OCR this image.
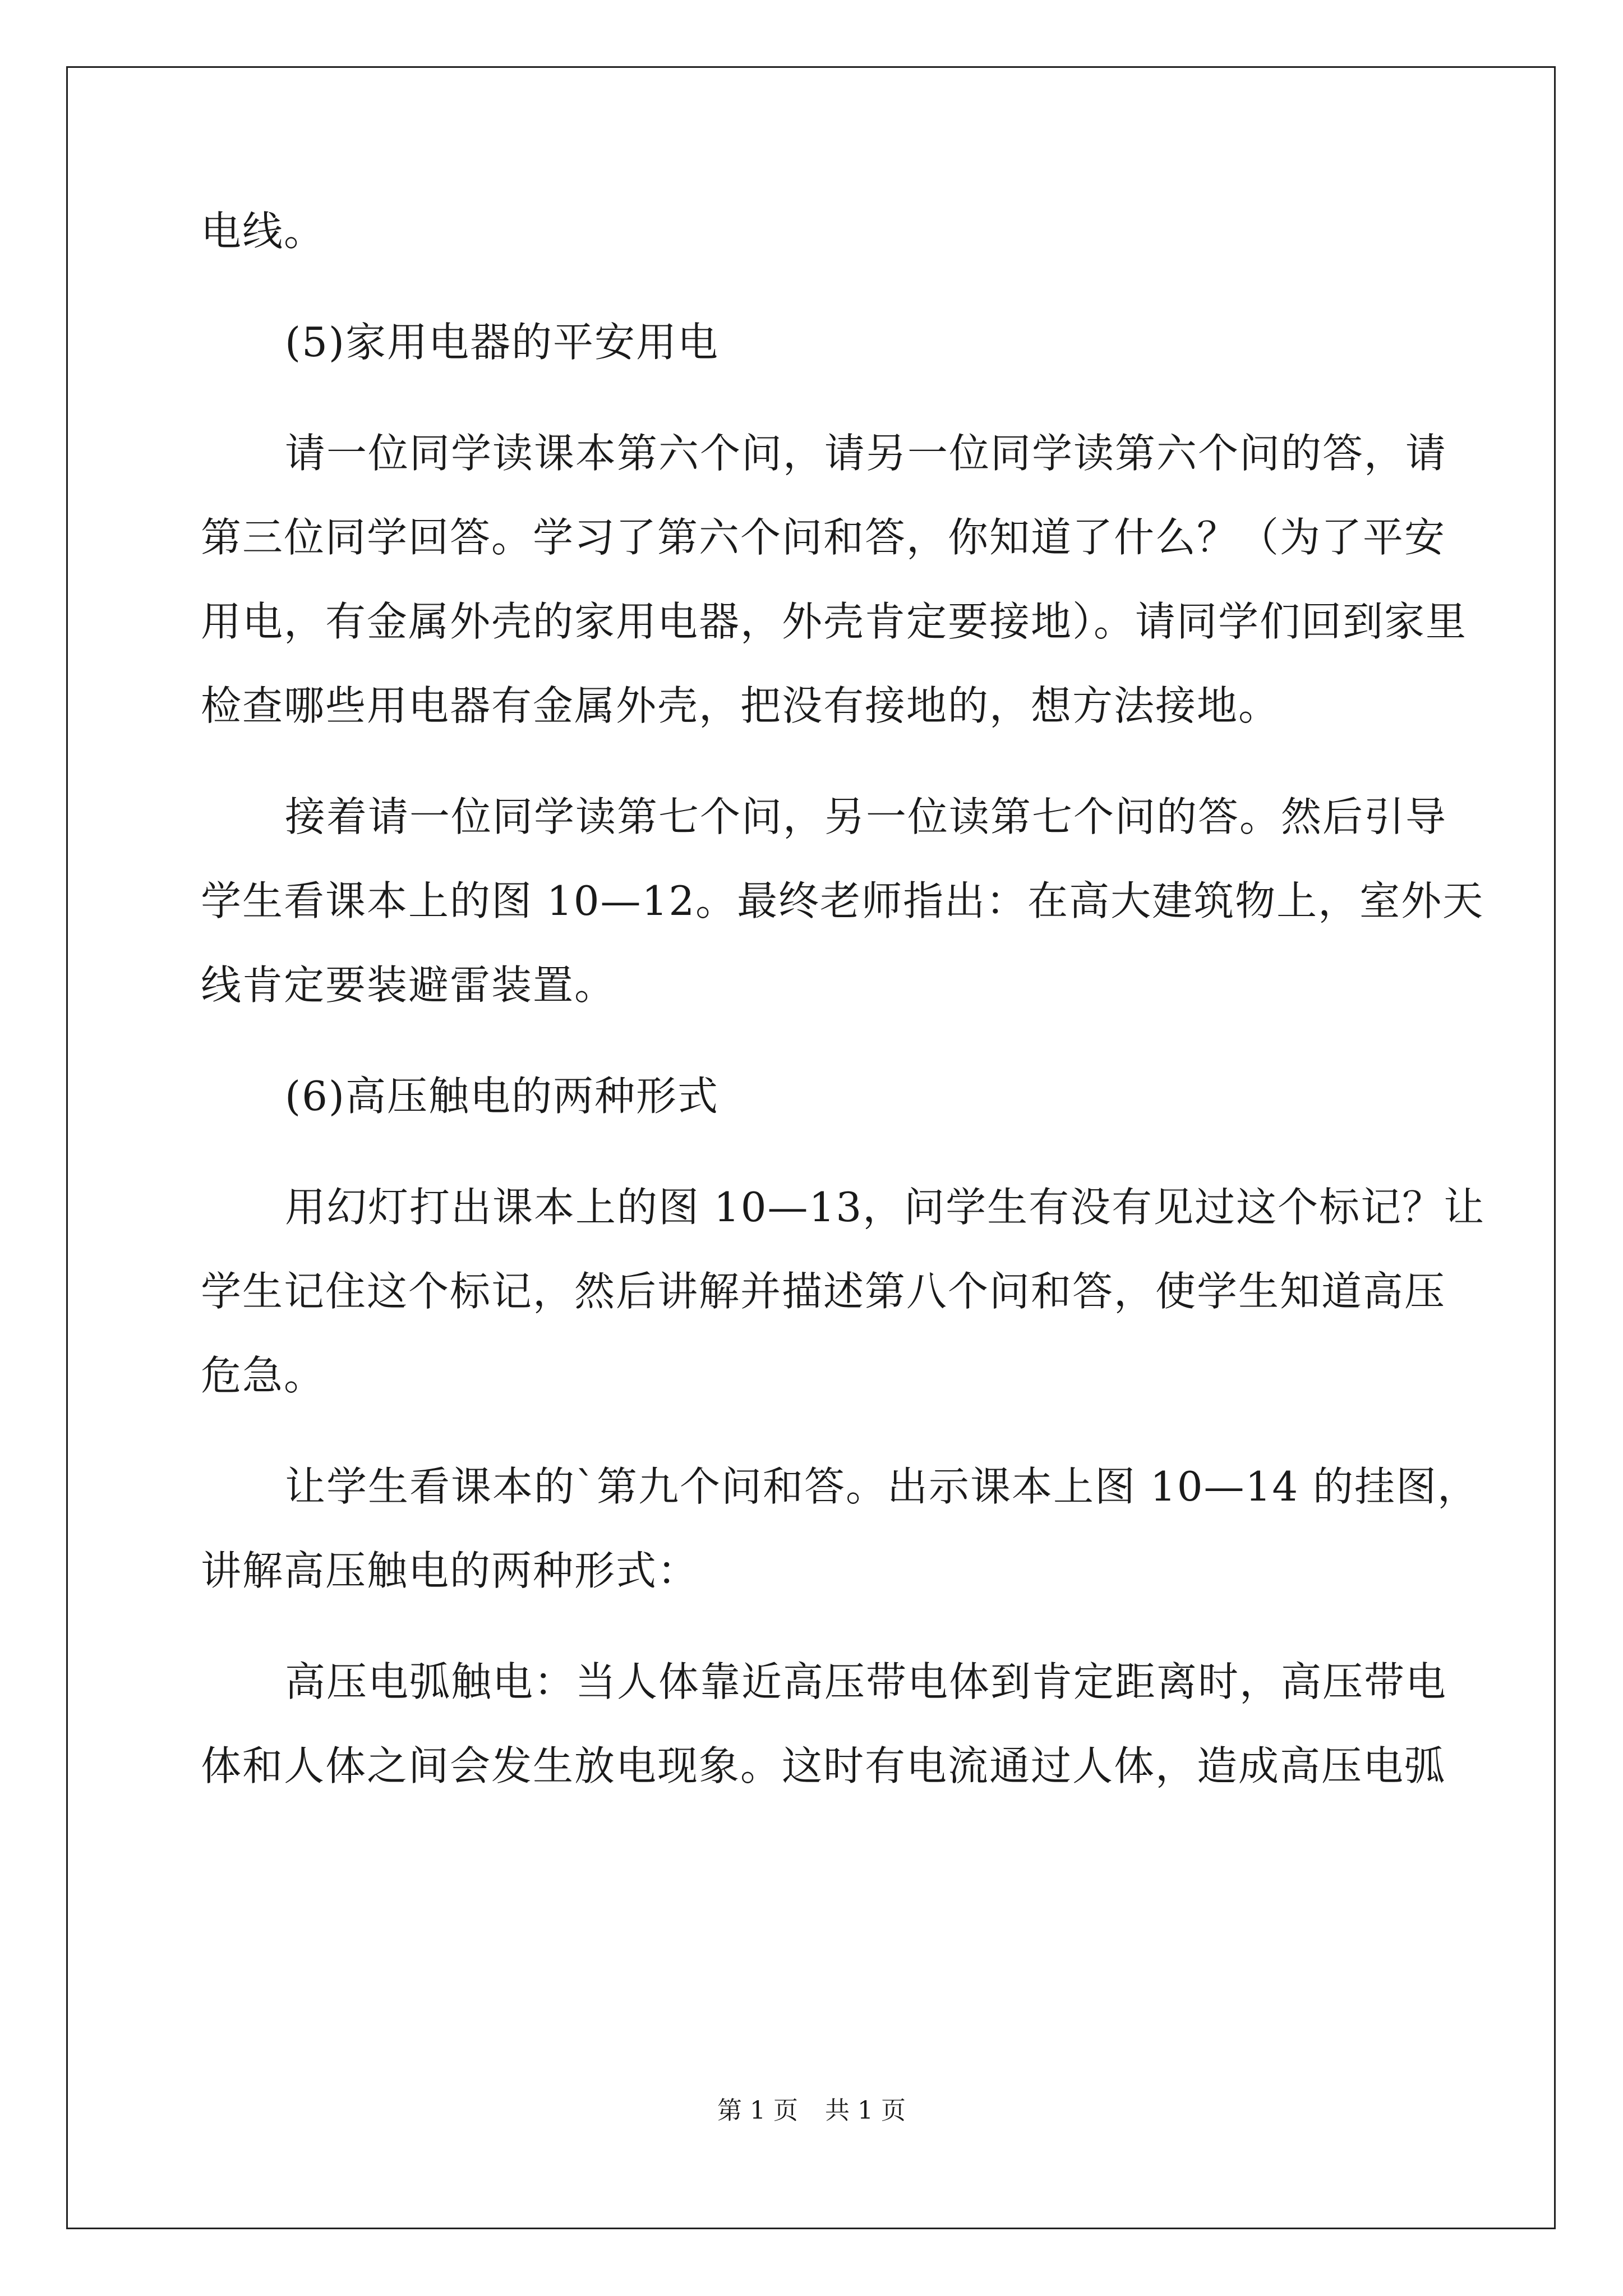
电线。
(5)家用电器的平安用电
请一位同学读课本第六个问，请另一位同学读第六个问的答，请
第三位同学回答。学习了第六个问和答，你知道了什么？（为了平安
用电，有金属外壳的家用电器，外壳肯定要接地）。请同学们回到家里
检查哪些用电器有金属外壳，把没有接地的，想方法接地。
接着请一位同学读第七个问，另一位读第七个问的答。然后引导
学生看课本上的图 10—12。最终老师指出：在高大建筑物上，室外天
线肯定要装避雷装置。
(6)高压触电的两种形式
用幻灯打出课本上的图 10—13，问学生有没有见过这个标记？让
学生记住这个标记，然后讲解并描述第八个问和答，使学生知道高压
危急。
让学生看课本的`第九个问和答。出示课本上图 10—14 的挂图，
讲解高压触电的两种形式：
高压电弧触电：当人体靠近高压带电体到肯定距离时，高压带电
体和人体之间会发生放电现象。这时有电流通过人体，造成高压电弧
第 1 页 共 1 页
